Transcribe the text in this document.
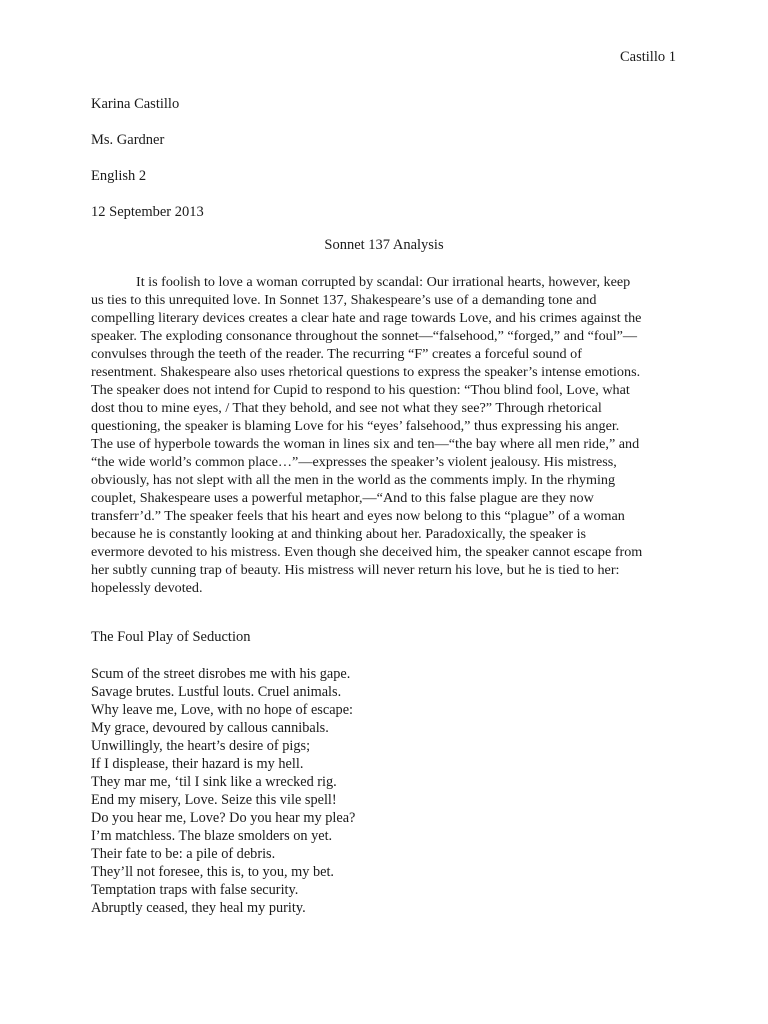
Castillo 1
Karina Castillo
Ms. Gardner
English 2
12 September 2013
Sonnet 137 Analysis
It is foolish to love a woman corrupted by scandal: Our irrational hearts, however, keep
us ties to this unrequited love. In Sonnet 137, Shakespeare’s use of a demanding tone and
compelling literary devices creates a clear hate and rage towards Love, and his crimes against the
speaker. The exploding consonance throughout the sonnet—“falsehood,” “forged,” and “foul”—
convulses through the teeth of the reader. The recurring “F” creates a forceful sound of
resentment. Shakespeare also uses rhetorical questions to express the speaker’s intense emotions.
The speaker does not intend for Cupid to respond to his question: “Thou blind fool, Love, what
dost thou to mine eyes, / That they behold, and see not what they see?” Through rhetorical
questioning, the speaker is blaming Love for his “eyes’ falsehood,” thus expressing his anger.
The use of hyperbole towards the woman in lines six and ten—“the bay where all men ride,” and
“the wide world’s common place…”—expresses the speaker’s violent jealousy. His mistress,
obviously, has not slept with all the men in the world as the comments imply. In the rhyming
couplet, Shakespeare uses a powerful metaphor,—“And to this false plague are they now
transferr’d.” The speaker feels that his heart and eyes now belong to this “plague” of a woman
because he is constantly looking at and thinking about her. Paradoxically, the speaker is
evermore devoted to his mistress. Even though she deceived him, the speaker cannot escape from
her subtly cunning trap of beauty. His mistress will never return his love, but he is tied to her:
hopelessly devoted.
The Foul Play of Seduction
Scum of the street disrobes me with his gape.
Savage brutes. Lustful louts. Cruel animals.
Why leave me, Love, with no hope of escape:
My grace, devoured by callous cannibals.
Unwillingly, the heart’s desire of pigs;
If I displease, their hazard is my hell.
They mar me, ‘til I sink like a wrecked rig.
End my misery, Love. Seize this vile spell!
Do you hear me, Love? Do you hear my plea?
I’m matchless. The blaze smolders on yet.
Their fate to be: a pile of debris.
They’ll not foresee, this is, to you, my bet.
Temptation traps with false security.
Abruptly ceased, they heal my purity.
